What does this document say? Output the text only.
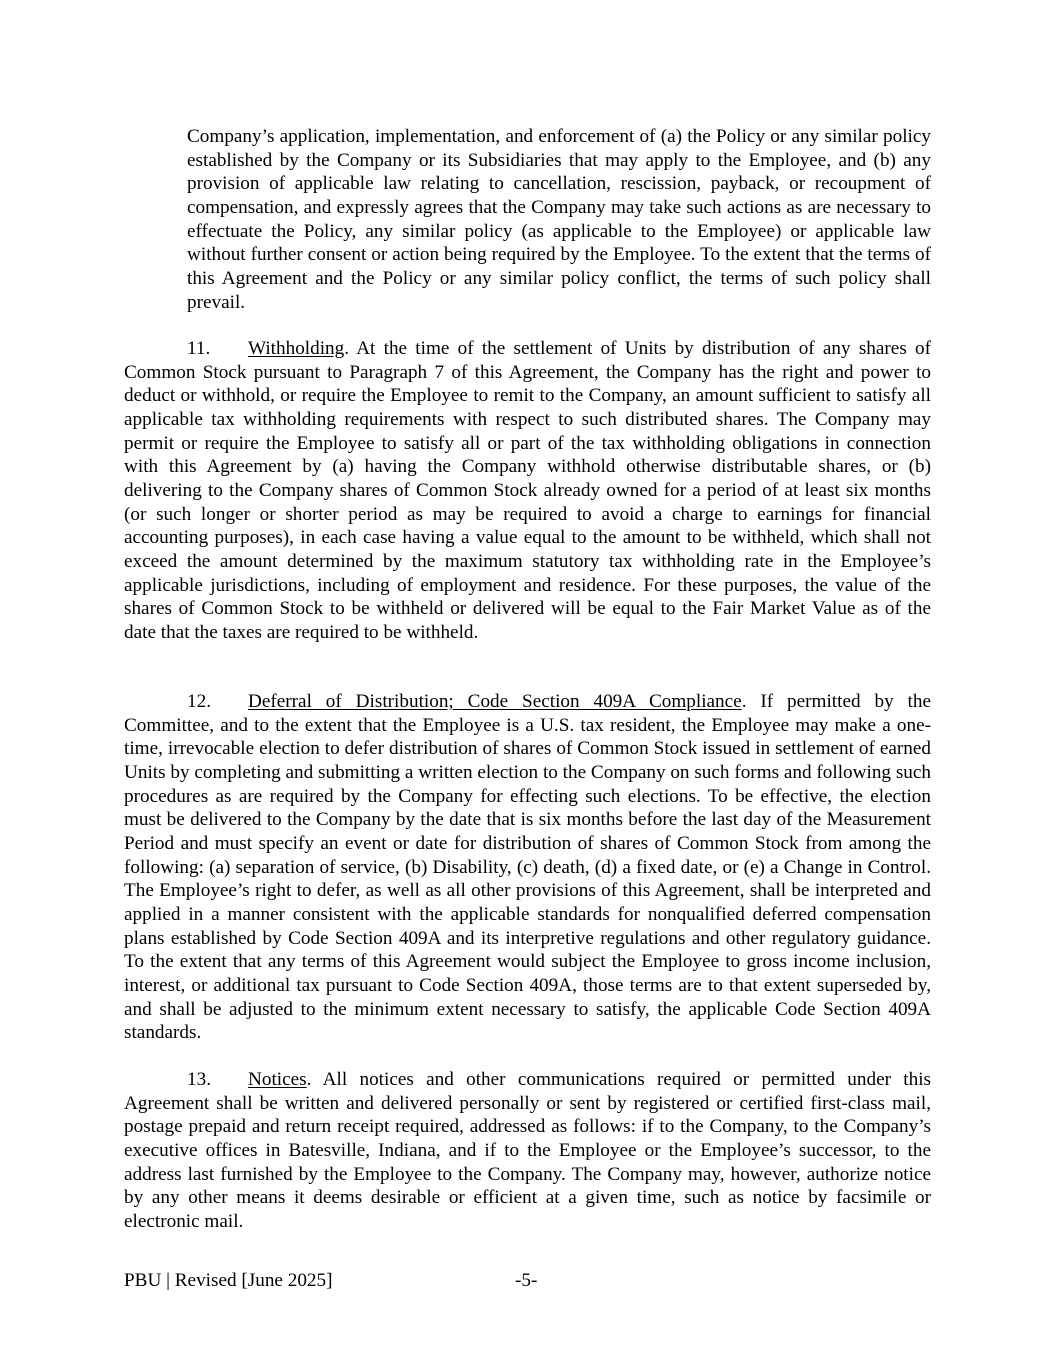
Company’s application, implementation, and enforcement of (a) the Policy or any similar policy established by the Company or its Subsidiaries that may apply to the Employee, and (b) any provision of applicable law relating to cancellation, rescission, payback, or recoupment of compensation, and expressly agrees that the Company may take such actions as are necessary to effectuate the Policy, any similar policy (as applicable to the Employee) or applicable law without further consent or action being required by the Employee. To the extent that the terms of this Agreement and the Policy or any similar policy conflict, the terms of such policy shall prevail.

11. Withholding. At the time of the settlement of Units by distribution of any shares of Common Stock pursuant to Paragraph 7 of this Agreement, the Company has the right and power to deduct or withhold, or require the Employee to remit to the Company, an amount sufficient to satisfy all applicable tax withholding requirements with respect to such distributed shares. The Company may permit or require the Employee to satisfy all or part of the tax withholding obligations in connection with this Agreement by (a) having the Company withhold otherwise distributable shares, or (b) delivering to the Company shares of Common Stock already owned for a period of at least six months (or such longer or shorter period as may be required to avoid a charge to earnings for financial accounting purposes), in each case having a value equal to the amount to be withheld, which shall not exceed the amount determined by the maximum statutory tax withholding rate in the Employee’s applicable jurisdictions, including of employment and residence. For these purposes, the value of the shares of Common Stock to be withheld or delivered will be equal to the Fair Market Value as of the date that the taxes are required to be withheld.

12. Deferral of Distribution; Code Section 409A Compliance. If permitted by the Committee, and to the extent that the Employee is a U.S. tax resident, the Employee may make a one-time, irrevocable election to defer distribution of shares of Common Stock issued in settlement of earned Units by completing and submitting a written election to the Company on such forms and following such procedures as are required by the Company for effecting such elections. To be effective, the election must be delivered to the Company by the date that is six months before the last day of the Measurement Period and must specify an event or date for distribution of shares of Common Stock from among the following: (a) separation of service, (b) Disability, (c) death, (d) a fixed date, or (e) a Change in Control. The Employee’s right to defer, as well as all other provisions of this Agreement, shall be interpreted and applied in a manner consistent with the applicable standards for nonqualified deferred compensation plans established by Code Section 409A and its interpretive regulations and other regulatory guidance. To the extent that any terms of this Agreement would subject the Employee to gross income inclusion, interest, or additional tax pursuant to Code Section 409A, those terms are to that extent superseded by, and shall be adjusted to the minimum extent necessary to satisfy, the applicable Code Section 409A standards.

13. Notices. All notices and other communications required or permitted under this Agreement shall be written and delivered personally or sent by registered or certified first-class mail, postage prepaid and return receipt required, addressed as follows: if to the Company, to the Company’s executive offices in Batesville, Indiana, and if to the Employee or the Employee’s successor, to the address last furnished by the Employee to the Company. The Company may, however, authorize notice by any other means it deems desirable or efficient at a given time, such as notice by facsimile or electronic mail.

PBU | Revised [June 2025]	-5-
